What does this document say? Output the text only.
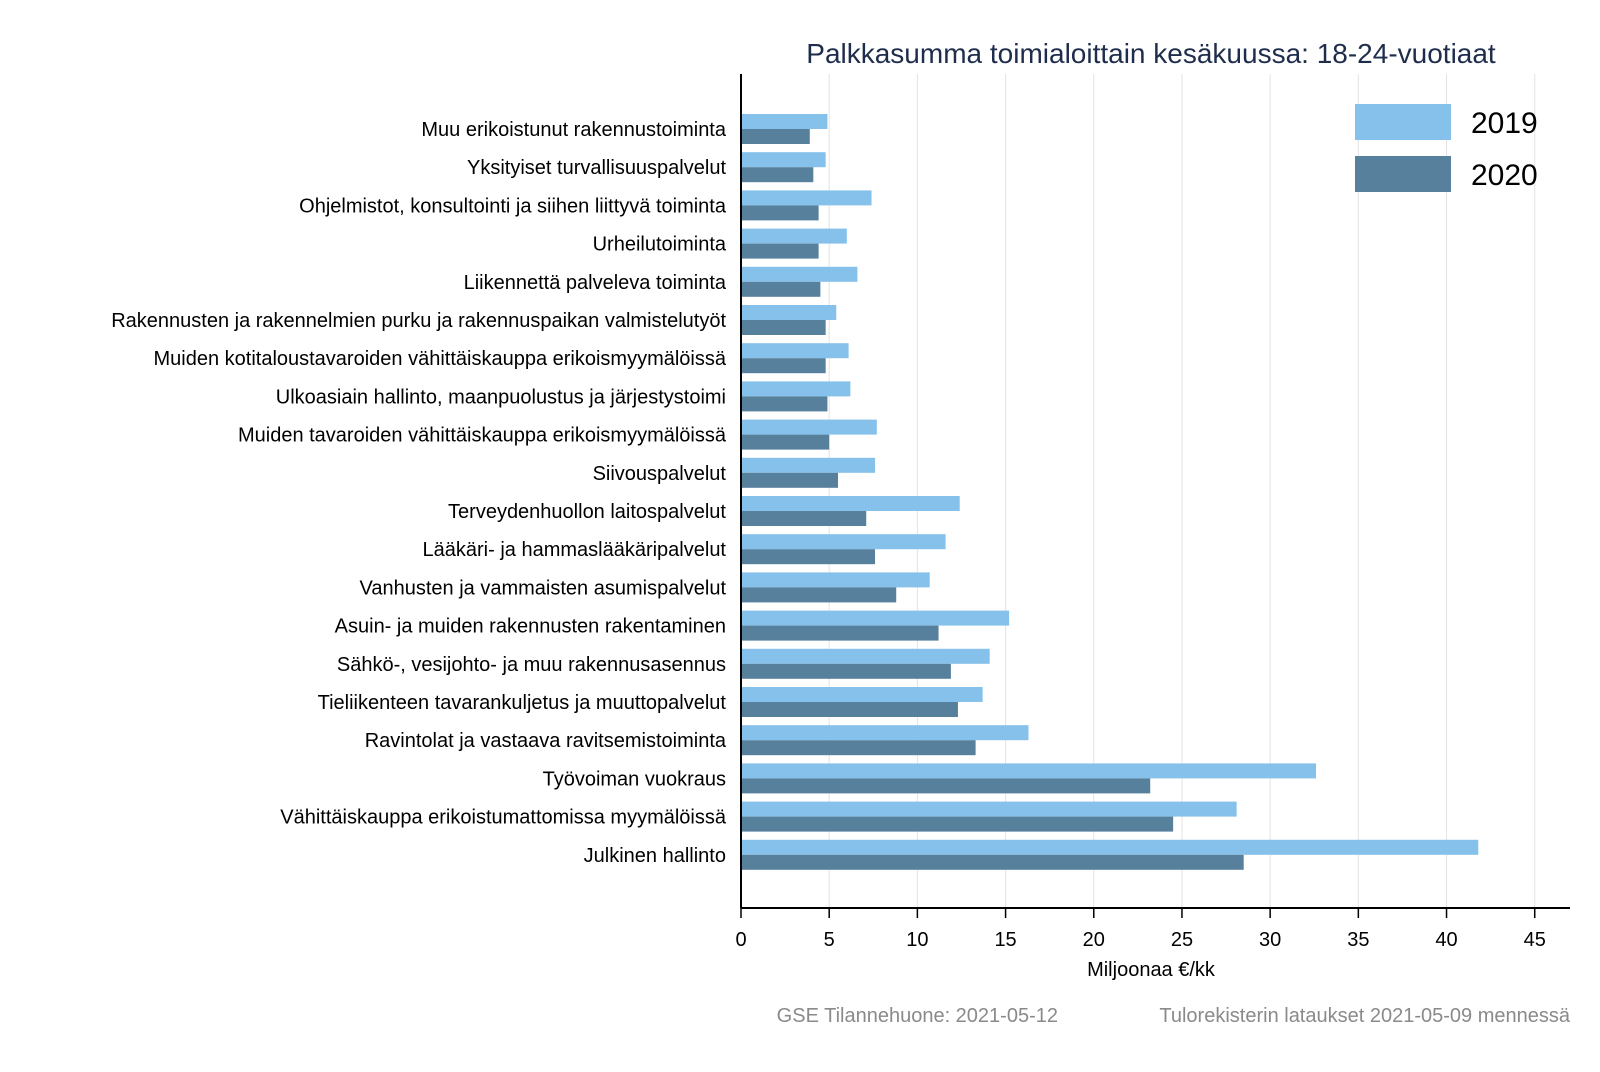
Palkkasumma toimialoittain kesäkuussa: 18-24-vuotiaat
Muu erikoistunut rakennustoiminta
Yksityiset turvallisuuspalvelut
Ohjelmistot, konsultointi ja siihen liittyvä toiminta
Urheilutoiminta
Liikennettä palveleva toiminta
Rakennusten ja rakennelmien purku ja rakennuspaikan valmistelutyöt
Muiden kotitaloustavaroiden vähittäiskauppa erikoismyymälöissä
Ulkoasiain hallinto, maanpuolustus ja järjestystoimi
Muiden tavaroiden vähittäiskauppa erikoismyymälöissä
Siivouspalvelut
Terveydenhuollon laitospalvelut
Lääkäri- ja hammaslääkäripalvelut
Vanhusten ja vammaisten asumispalvelut
Asuin- ja muiden rakennusten rakentaminen
Sähkö-, vesijohto- ja muu rakennusasennus
Tieliikenteen tavarankuljetus ja muuttopalvelut
Ravintolat ja vastaava ravitsemistoiminta
Työvoiman vuokraus
Vähittäiskauppa erikoistumattomissa myymälöissä
Julkinen hallinto
0	5	10	15	20	25	30	35	40	45
Miljoonaa €/kk
2019
2020
GSE Tilannehuone: 2021-05-12	Tulorekisterin lataukset 2021-05-09 mennessä
